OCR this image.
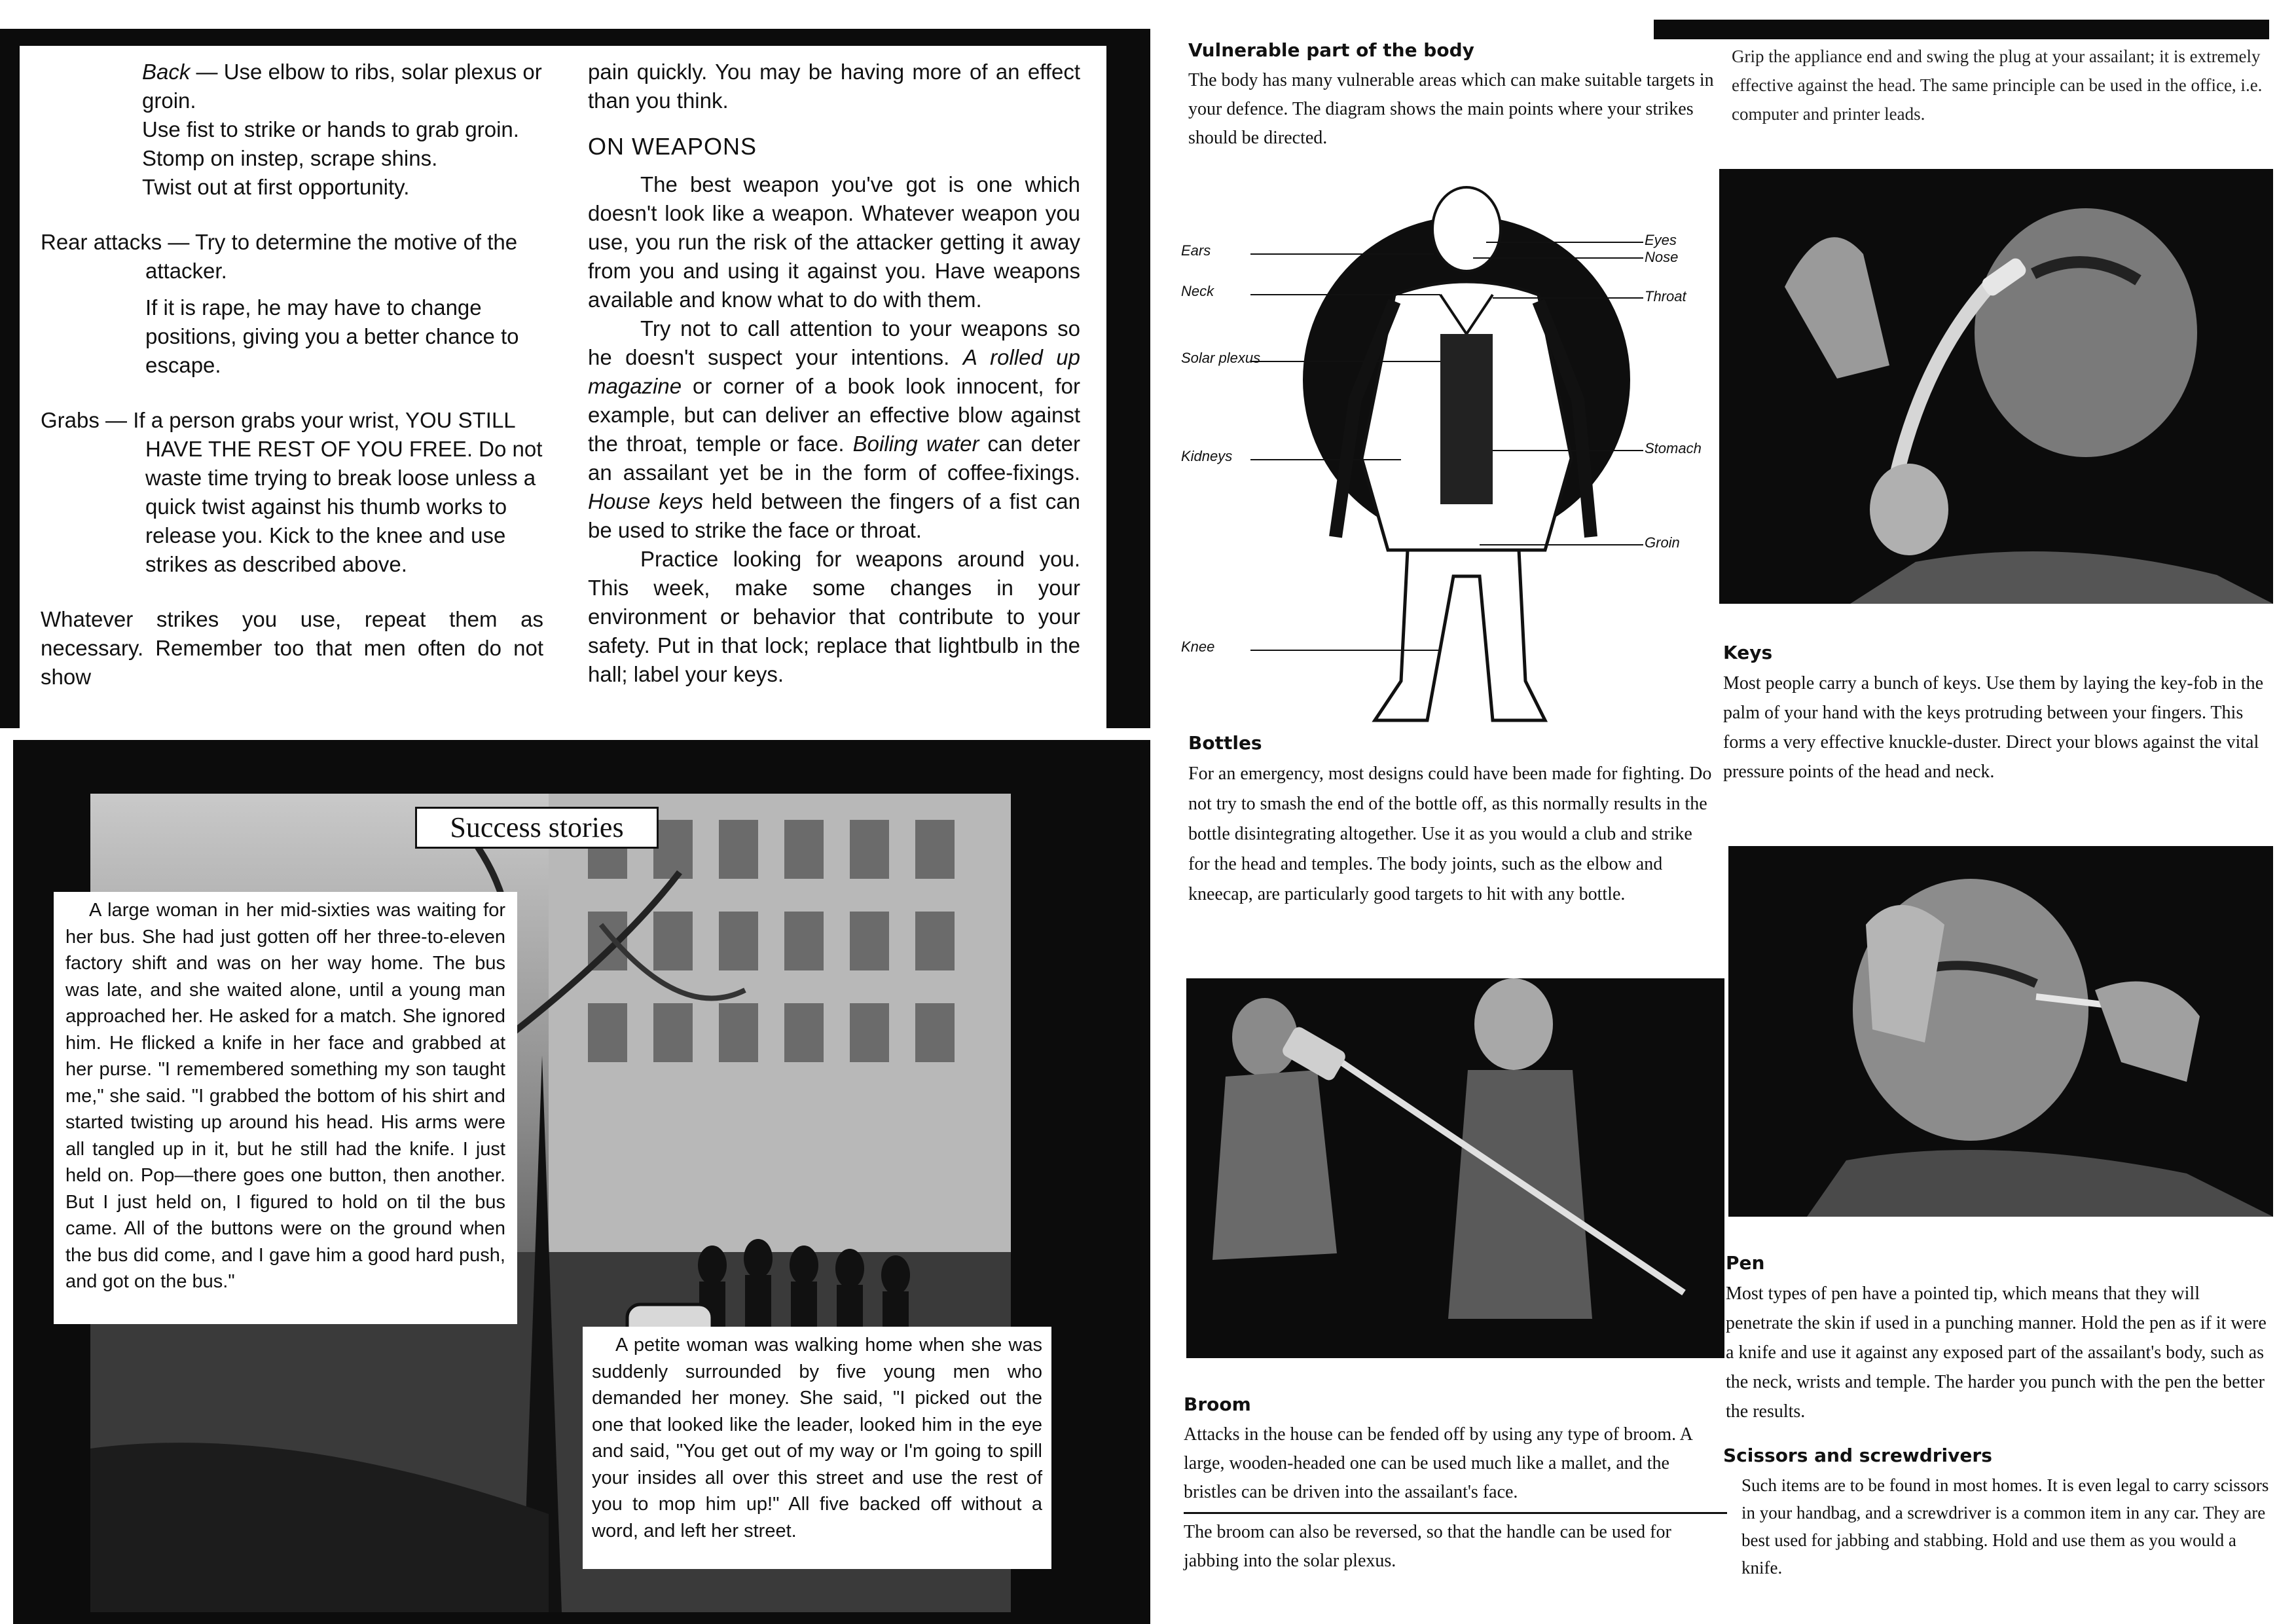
Back — Use elbow to ribs, solar plexus or groin.

Use fist to strike or hands to grab groin.

Stomp on instep, scrape shins.

Twist out at first opportunity.

Rear attacks — Try to determine the motive of the attacker.

If it is rape, he may have to change positions, giving you a better chance to escape.

Grabs — If a person grabs your wrist, YOU STILL HAVE THE REST OF YOU FREE. Do not waste time trying to break loose unless a quick twist against his thumb works to release you. Kick to the knee and use strikes as described above.

Whatever strikes you use, repeat them as necessary. Remember too that men often do not show

pain quickly. You may be having more of an effect than you think.

ON WEAPONS

The best weapon you've got is one which doesn't look like a weapon. Whatever weapon you use, you run the risk of the attacker getting it away from you and using it against you. Have weapons available and know what to do with them.

Try not to call attention to your weapons so he doesn't suspect your intentions. A rolled up magazine or corner of a book look innocent, for example, but can deliver an effective blow against the throat, temple or face. Boiling water can deter an assailant yet be in the form of coffee-fixings. House keys held between the fingers of a fist can be used to strike the face or throat.

Practice looking for weapons around you. This week, make some changes in your environment or behavior that contribute to your safety. Put in that lock; replace that lightbulb in the hall; label your keys.

Success stories

A large woman in her mid-sixties was waiting for her bus. She had just gotten off her three-to-eleven factory shift and was on her way home. The bus was late, and she waited alone, until a young man approached her. He asked for a match. She ignored him. He flicked a knife in her face and grabbed at her purse. "I remembered something my son taught me," she said. "I grabbed the bottom of his shirt and started twisting up around his head. His arms were all tangled up in it, but he still had the knife. I just held on. Pop—there goes one button, then another. But I just held on, I figured to hold on til the bus came. All of the buttons were on the ground when the bus did come, and I gave him a good hard push, and got on the bus."

A petite woman was walking home when she was suddenly surrounded by five young men who demanded her money. She said, "I picked out the one that looked like the leader, looked him in the eye and said, "You get out of my way or I'm going to spill your insides all over this street and use the rest of you to mop him up!" All five backed off without a word, and left her street.

Vulnerable part of the body

The body has many vulnerable areas which can make suitable targets in your defence. The diagram shows the main points where your strikes should be directed.

Ears
Neck
Solar plexus
Kidneys
Knee
Eyes
Nose
Throat
Stomach
Groin
Grip the appliance end and swing the plug at your assailant; it is extremely effective against the head. The same principle can be used in the office, i.e. computer and printer leads.

Keys

Most people carry a bunch of keys. Use them by laying the key-fob in the palm of your hand with the keys protruding between your fingers. This forms a very effective knuckle-duster. Direct your blows against the vital pressure points of the head and neck.

Bottles

For an emergency, most designs could have been made for fighting. Do not try to smash the end of the bottle off, as this normally results in the bottle disintegrating altogether. Use it as you would a club and strike for the head and temples. The body joints, such as the elbow and kneecap, are particularly good targets to hit with any bottle.

Broom

Attacks in the house can be fended off by using any type of broom. A large, wooden-headed one can be used much like a mallet, and the bristles can be driven into the assailant's face.

The broom can also be reversed, so that the handle can be used for jabbing into the solar plexus.

Pen

Most types of pen have a pointed tip, which means that they will penetrate the skin if used in a punching manner. Hold the pen as if it were a knife and use it against any exposed part of the assailant's body, such as the neck, wrists and temple. The harder you punch with the pen the better the results.

Scissors and screwdrivers

Such items are to be found in most homes. It is even legal to carry scissors in your handbag, and a screwdriver is a common item in any car. They are best used for jabbing and stabbing. Hold and use them as you would a knife.
